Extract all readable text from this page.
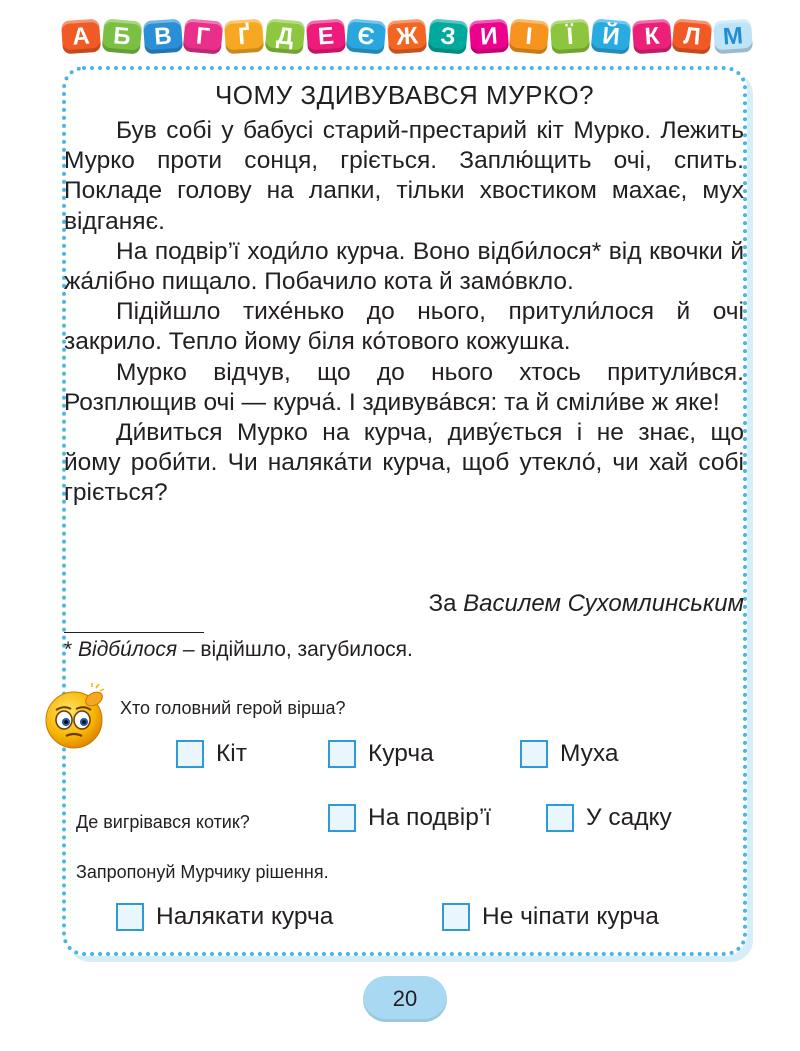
А Б В Г	Ґ	Д Е Є Ж З И	І	Ї	Й К Л М
ЧОМУ ЗДИВУВАВСЯ МУРКО?

Був собі у бабусі старий-престарий кіт Мурко. Лежить Мурко проти сонця, гріється. Заплю́щить очі, спить. Покладе голову на лапки, тільки хвостиком махає, мух відганяє.

На подвір’ї ходи́ло курча. Воно відби́лося* від квочки й жа́лібно пищало. Побачило кота й замо́вкло.

Підійшло тихе́нько до нього, притули́лося й очі закрило. Тепло йому біля ко́тового кожушка.

Мурко відчув, що до нього хтось притули́вся. Розплющив очі — курча́. І здивува́вся: та й сміли́ве ж яке!

Ди́виться Мурко на курча, диву́ється і не знає, що йому роби́ти. Чи наляка́ти курча, щоб утекло́, чи хай собі гріється?

За Василем Сухомлинським
* Відби́лося – відійшло, загубилося.
Хто головний герой вірша?
Кіт	Курча	Муха
Де вигрівався котик?	На подвір’ї	У садку
Запропонуй Мурчику рішення.
Налякати курча	Не чіпати курча
20
